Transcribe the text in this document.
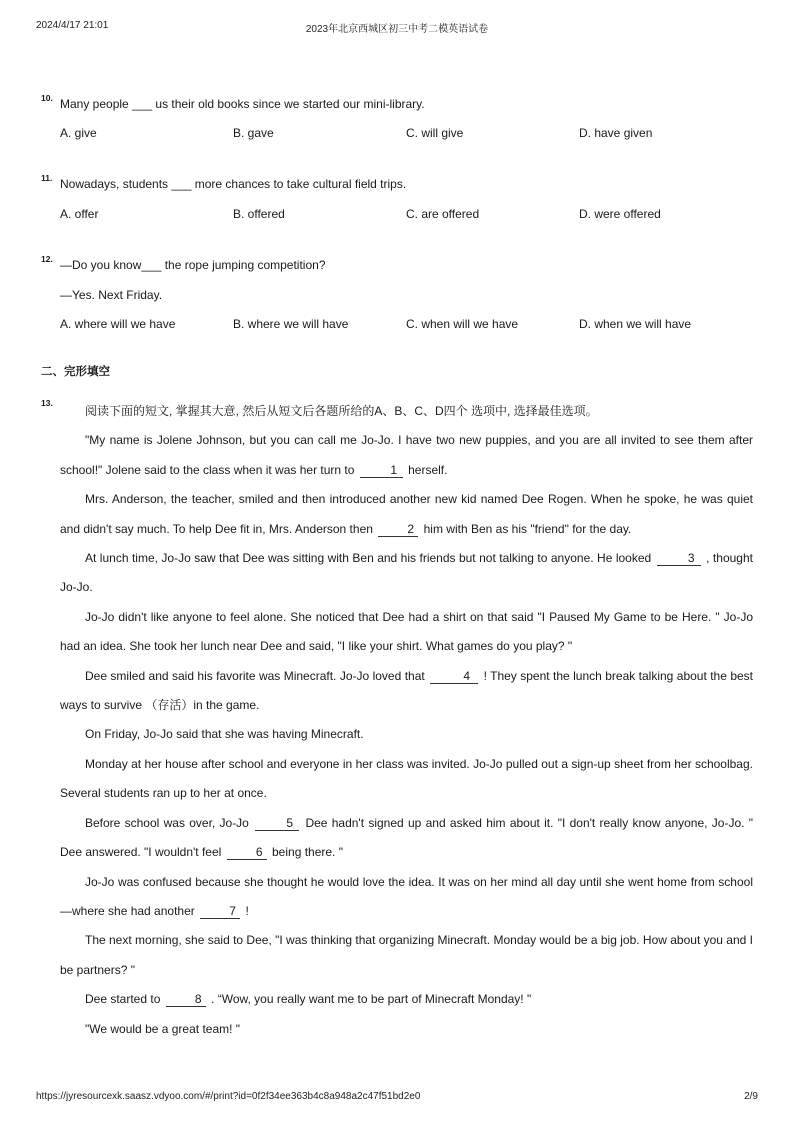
2024/4/17 21:01	2023年北京西城区初三中考二模英语试卷
10. Many people ___ us their old books since we started our mini-library.
A. give	B. gave	C. will give	D. have given
11. Nowadays, students ___ more chances to take cultural field trips.
A. offer	B. offered	C. are offered	D. were offered
12. —Do you know___ the rope jumping competition?
—Yes. Next Friday.
A. where will we have	B. where we will have	C. when will we have	D. when we will have
二、完形填空
13.

阅读下面的短文, 掌握其大意, 然后从短文后各题所给的A、B、C、D四个 选项中, 选择最佳选项。

"My name is Jolene Johnson, but you can call me Jo-Jo. I have two new puppies, and you are all invited to see them after school!" Jolene said to the class when it was her turn to	1 herself.

Mrs. Anderson, the teacher, smiled and then introduced another new kid named Dee Rogen. When he spoke, he was quiet and didn't say much. To help Dee fit in, Mrs. Anderson then	2 him with Ben as his "friend" for the day.

At lunch time, Jo-Jo saw that Dee was sitting with Ben and his friends but not talking to anyone. He looked	3 , thought Jo-Jo.

Jo-Jo didn't like anyone to feel alone. She noticed that Dee had a shirt on that said "I Paused My Game to be Here. " Jo-Jo had an idea. She took her lunch near Dee and said, "I like your shirt. What games do you play? "

Dee smiled and said his favorite was Minecraft. Jo-Jo loved that	4 ! They spent the lunch break talking about the best ways to survive （存活）in the game.

On Friday, Jo-Jo said that she was having Minecraft.

Monday at her house after school and everyone in her class was invited. Jo-Jo pulled out a sign-up sheet from her schoolbag. Several students ran up to her at once.

Before school was over, Jo-Jo	5 Dee hadn't signed up and asked him about it. "I don't really know anyone, Jo-Jo. " Dee answered. "I wouldn't feel	6 being there. "

Jo-Jo was confused because she thought he would love the idea. It was on her mind all day until she went home from school—where she had another	7 !

The next morning, she said to Dee, "I was thinking that organizing Minecraft. Monday would be a big job. How about you and I be partners? "

Dee started to	8 . “Wow, you really want me to be part of Minecraft Monday! "

"We would be a great team! "

https://jyresourcexk.saasz.vdyoo.com/#/print?id=0f2f34ee363b4c8a948a2c47f51bd2e0	2/9
